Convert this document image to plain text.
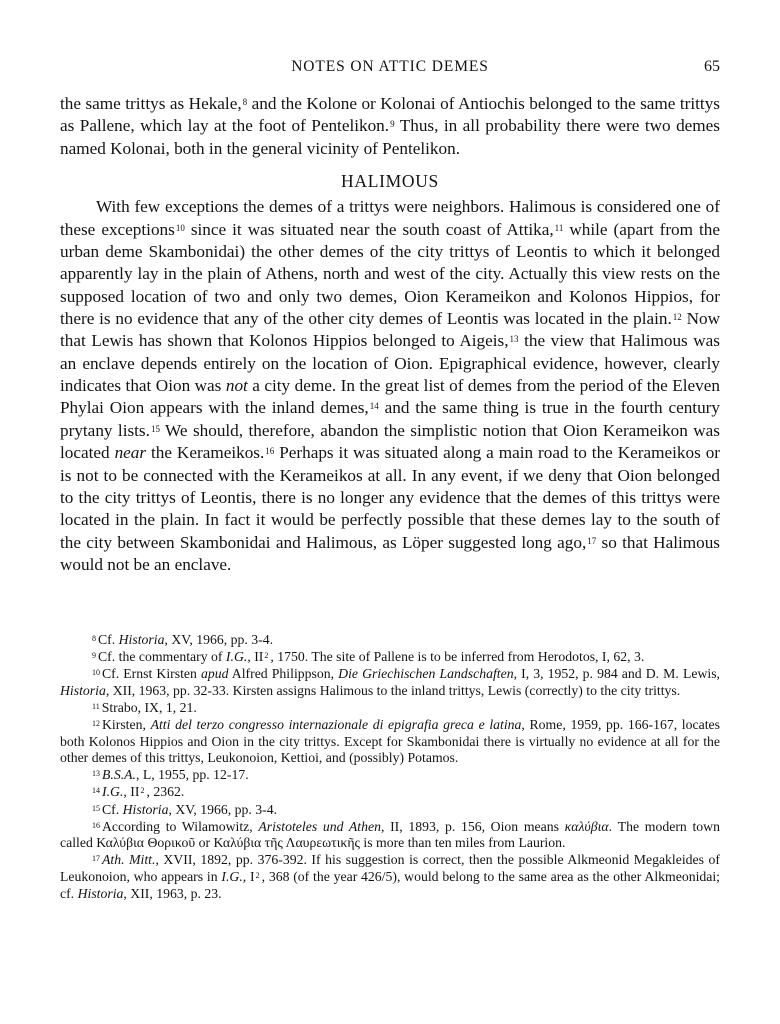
NOTES ON ATTIC DEMES	65

the same trittys as Hekale,$^8$ and the Kolone or Kolonai of Antiochis belonged to the same trittys as Pallene, which lay at the foot of Pentelikon.$^9$ Thus, in all probability there were two demes named Kolonai, both in the general vicinity of Pentelikon.

HALIMOUS

With few exceptions the demes of a trittys were neighbors. Halimous is considered one of these exceptions$^{10}$ since it was situated near the south coast of Attika,$^{11}$ while (apart from the urban deme Skambonidai) the other demes of the city trittys of Leontis to which it belonged apparently lay in the plain of Athens, north and west of the city. Actually this view rests on the supposed location of two and only two demes, Oion Kerameikon and Kolonos Hippios, for there is no evidence that any of the other city demes of Leontis was located in the plain.$^{12}$ Now that Lewis has shown that Kolonos Hippios belonged to Aigeis,$^{13}$ the view that Halimous was an enclave depends entirely on the location of Oion. Epigraphical evidence, however, clearly indicates that Oion was not a city deme. In the great list of demes from the period of the Eleven Phylai Oion appears with the inland demes,$^{14}$ and the same thing is true in the fourth century prytany lists.$^{15}$ We should, therefore, abandon the simplistic notion that Oion Kerameikon was located near the Kerameikos.$^{16}$ Perhaps it was situated along a main road to the Kerameikos or is not to be connected with the Kerameikos at all. In any event, if we deny that Oion belonged to the city trittys of Leontis, there is no longer any evidence that the demes of this trittys were located in the plain. In fact it would be perfectly possible that these demes lay to the south of the city between Skambonidai and Halimous, as Löper suggested long ago,$^{17}$ so that Halimous would not be an enclave.

$^8$ Cf. Historia, XV, 1966, pp. 3-4.

$^9$ Cf. the commentary of I.G., $II^2$ , 1750. The site of Pallene is to be inferred from Herodotos, I, 62, 3.

$^{10}$ Cf. Ernst Kirsten apud Alfred Philippson, Die Griechischen Landschaften, I, 3, 1952, p. 984 and D. M. Lewis, Historia, XII, 1963, pp. 32-33. Kirsten assigns Halimous to the inland trittys, Lewis (correctly) to the city trittys.

$^{11}$ Strabo, IX, 1, 21.

$^{12}$ Kirsten, Atti del terzo congresso internazionale di epigrafia greca e latina, Rome, 1959, pp. 166-167, locates both Kolonos Hippios and Oion in the city trittys. Except for Skambonidai there is virtually no evidence at all for the other demes of this trittys, Leukonoion, Kettioi, and (possibly) Potamos.

$^{13}$ B.S.A., L, 1955, pp. 12-17.

$^{14}$ I.G., $II^2$ , 2362.

$^{15}$ Cf. Historia, XV, 1966, pp. 3-4.

$^{16}$ According to Wilamowitz, Aristoteles und Athen, II, 1893, p. 156, Oion means καλύβια. The modern town called Καλύβια Θορικοῦ or Καλύβια τῆς Λαυρεωτικῆς is more than ten miles from Laurion.

$^{17}$ Ath. Mitt., XVII, 1892, pp. 376-392. If his suggestion is correct, then the possible Alkmeonid Megakleides of Leukonoion, who appears in I.G., $I^2$ , 368 (of the year 426/5), would belong to the same area as the other Alkmeonidai; cf. Historia, XII, 1963, p. 23.
